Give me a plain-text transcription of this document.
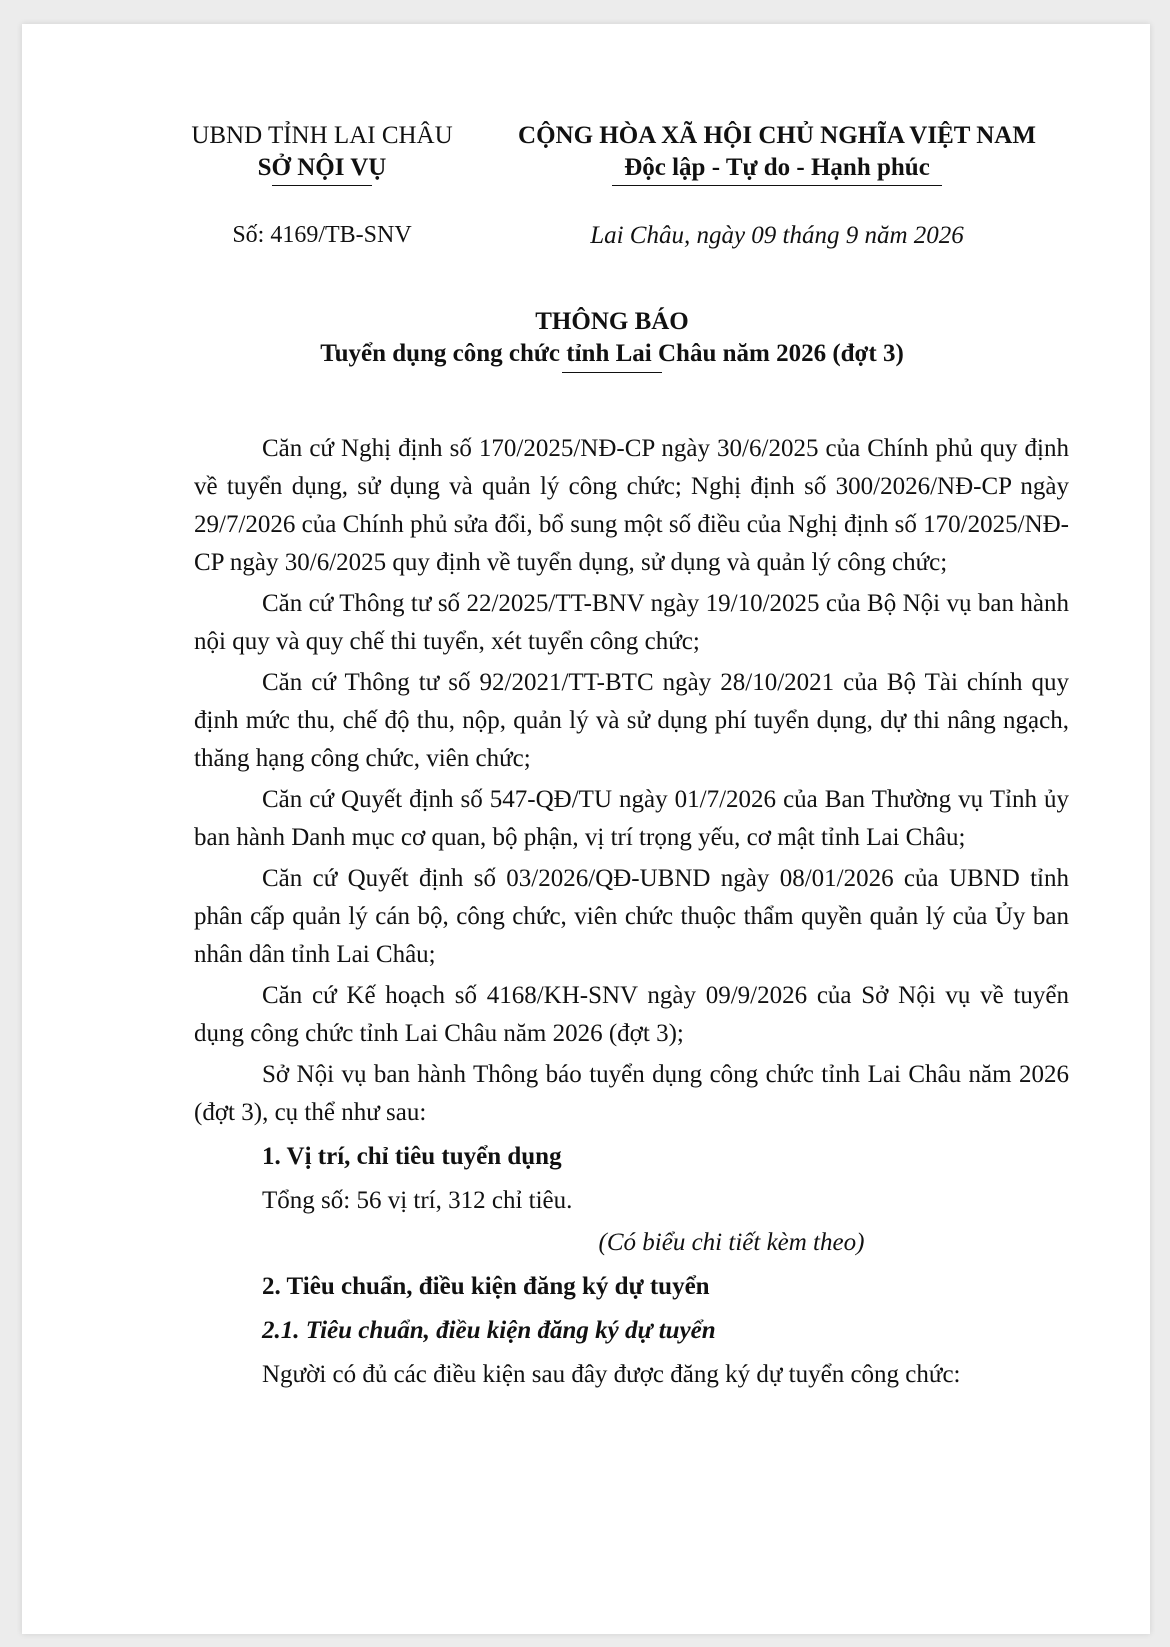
UBND TỈNH LAI CHÂU
SỞ NỘI VỤ
CỘNG HÒA XÃ HỘI CHỦ NGHĨA VIỆT NAM
Độc lập - Tự do - Hạnh phúc
Số: 4169/TB-SNV	Lai Châu, ngày 09 tháng 9 năm 2026
THÔNG BÁO
Tuyển dụng công chức tỉnh Lai Châu năm 2026 (đợt 3)

Căn cứ Nghị định số 170/2025/NĐ-CP ngày 30/6/2025 của Chính phủ quy định về tuyển dụng, sử dụng và quản lý công chức; Nghị định số 300/2026/NĐ-CP ngày 29/7/2026 của Chính phủ sửa đổi, bổ sung một số điều của Nghị định số 170/2025/NĐ-CP ngày 30/6/2025 quy định về tuyển dụng, sử dụng và quản lý công chức;

Căn cứ Thông tư số 22/2025/TT-BNV ngày 19/10/2025 của Bộ Nội vụ ban hành nội quy và quy chế thi tuyển, xét tuyển công chức;

Căn cứ Thông tư số 92/2021/TT-BTC ngày 28/10/2021 của Bộ Tài chính quy định mức thu, chế độ thu, nộp, quản lý và sử dụng phí tuyển dụng, dự thi nâng ngạch, thăng hạng công chức, viên chức;

Căn cứ Quyết định số 547-QĐ/TU ngày 01/7/2026 của Ban Thường vụ Tỉnh ủy ban hành Danh mục cơ quan, bộ phận, vị trí trọng yếu, cơ mật tỉnh Lai Châu;

Căn cứ Quyết định số 03/2026/QĐ-UBND ngày 08/01/2026 của UBND tỉnh phân cấp quản lý cán bộ, công chức, viên chức thuộc thẩm quyền quản lý của Ủy ban nhân dân tỉnh Lai Châu;

Căn cứ Kế hoạch số 4168/KH-SNV ngày 09/9/2026 của Sở Nội vụ về tuyển dụng công chức tỉnh Lai Châu năm 2026 (đợt 3);

Sở Nội vụ ban hành Thông báo tuyển dụng công chức tỉnh Lai Châu năm 2026 (đợt 3), cụ thể như sau:

1. Vị trí, chỉ tiêu tuyển dụng

Tổng số: 56 vị trí, 312 chỉ tiêu.

(Có biểu chi tiết kèm theo)

2. Tiêu chuẩn, điều kiện đăng ký dự tuyển

2.1. Tiêu chuẩn, điều kiện đăng ký dự tuyển

Người có đủ các điều kiện sau đây được đăng ký dự tuyển công chức:
